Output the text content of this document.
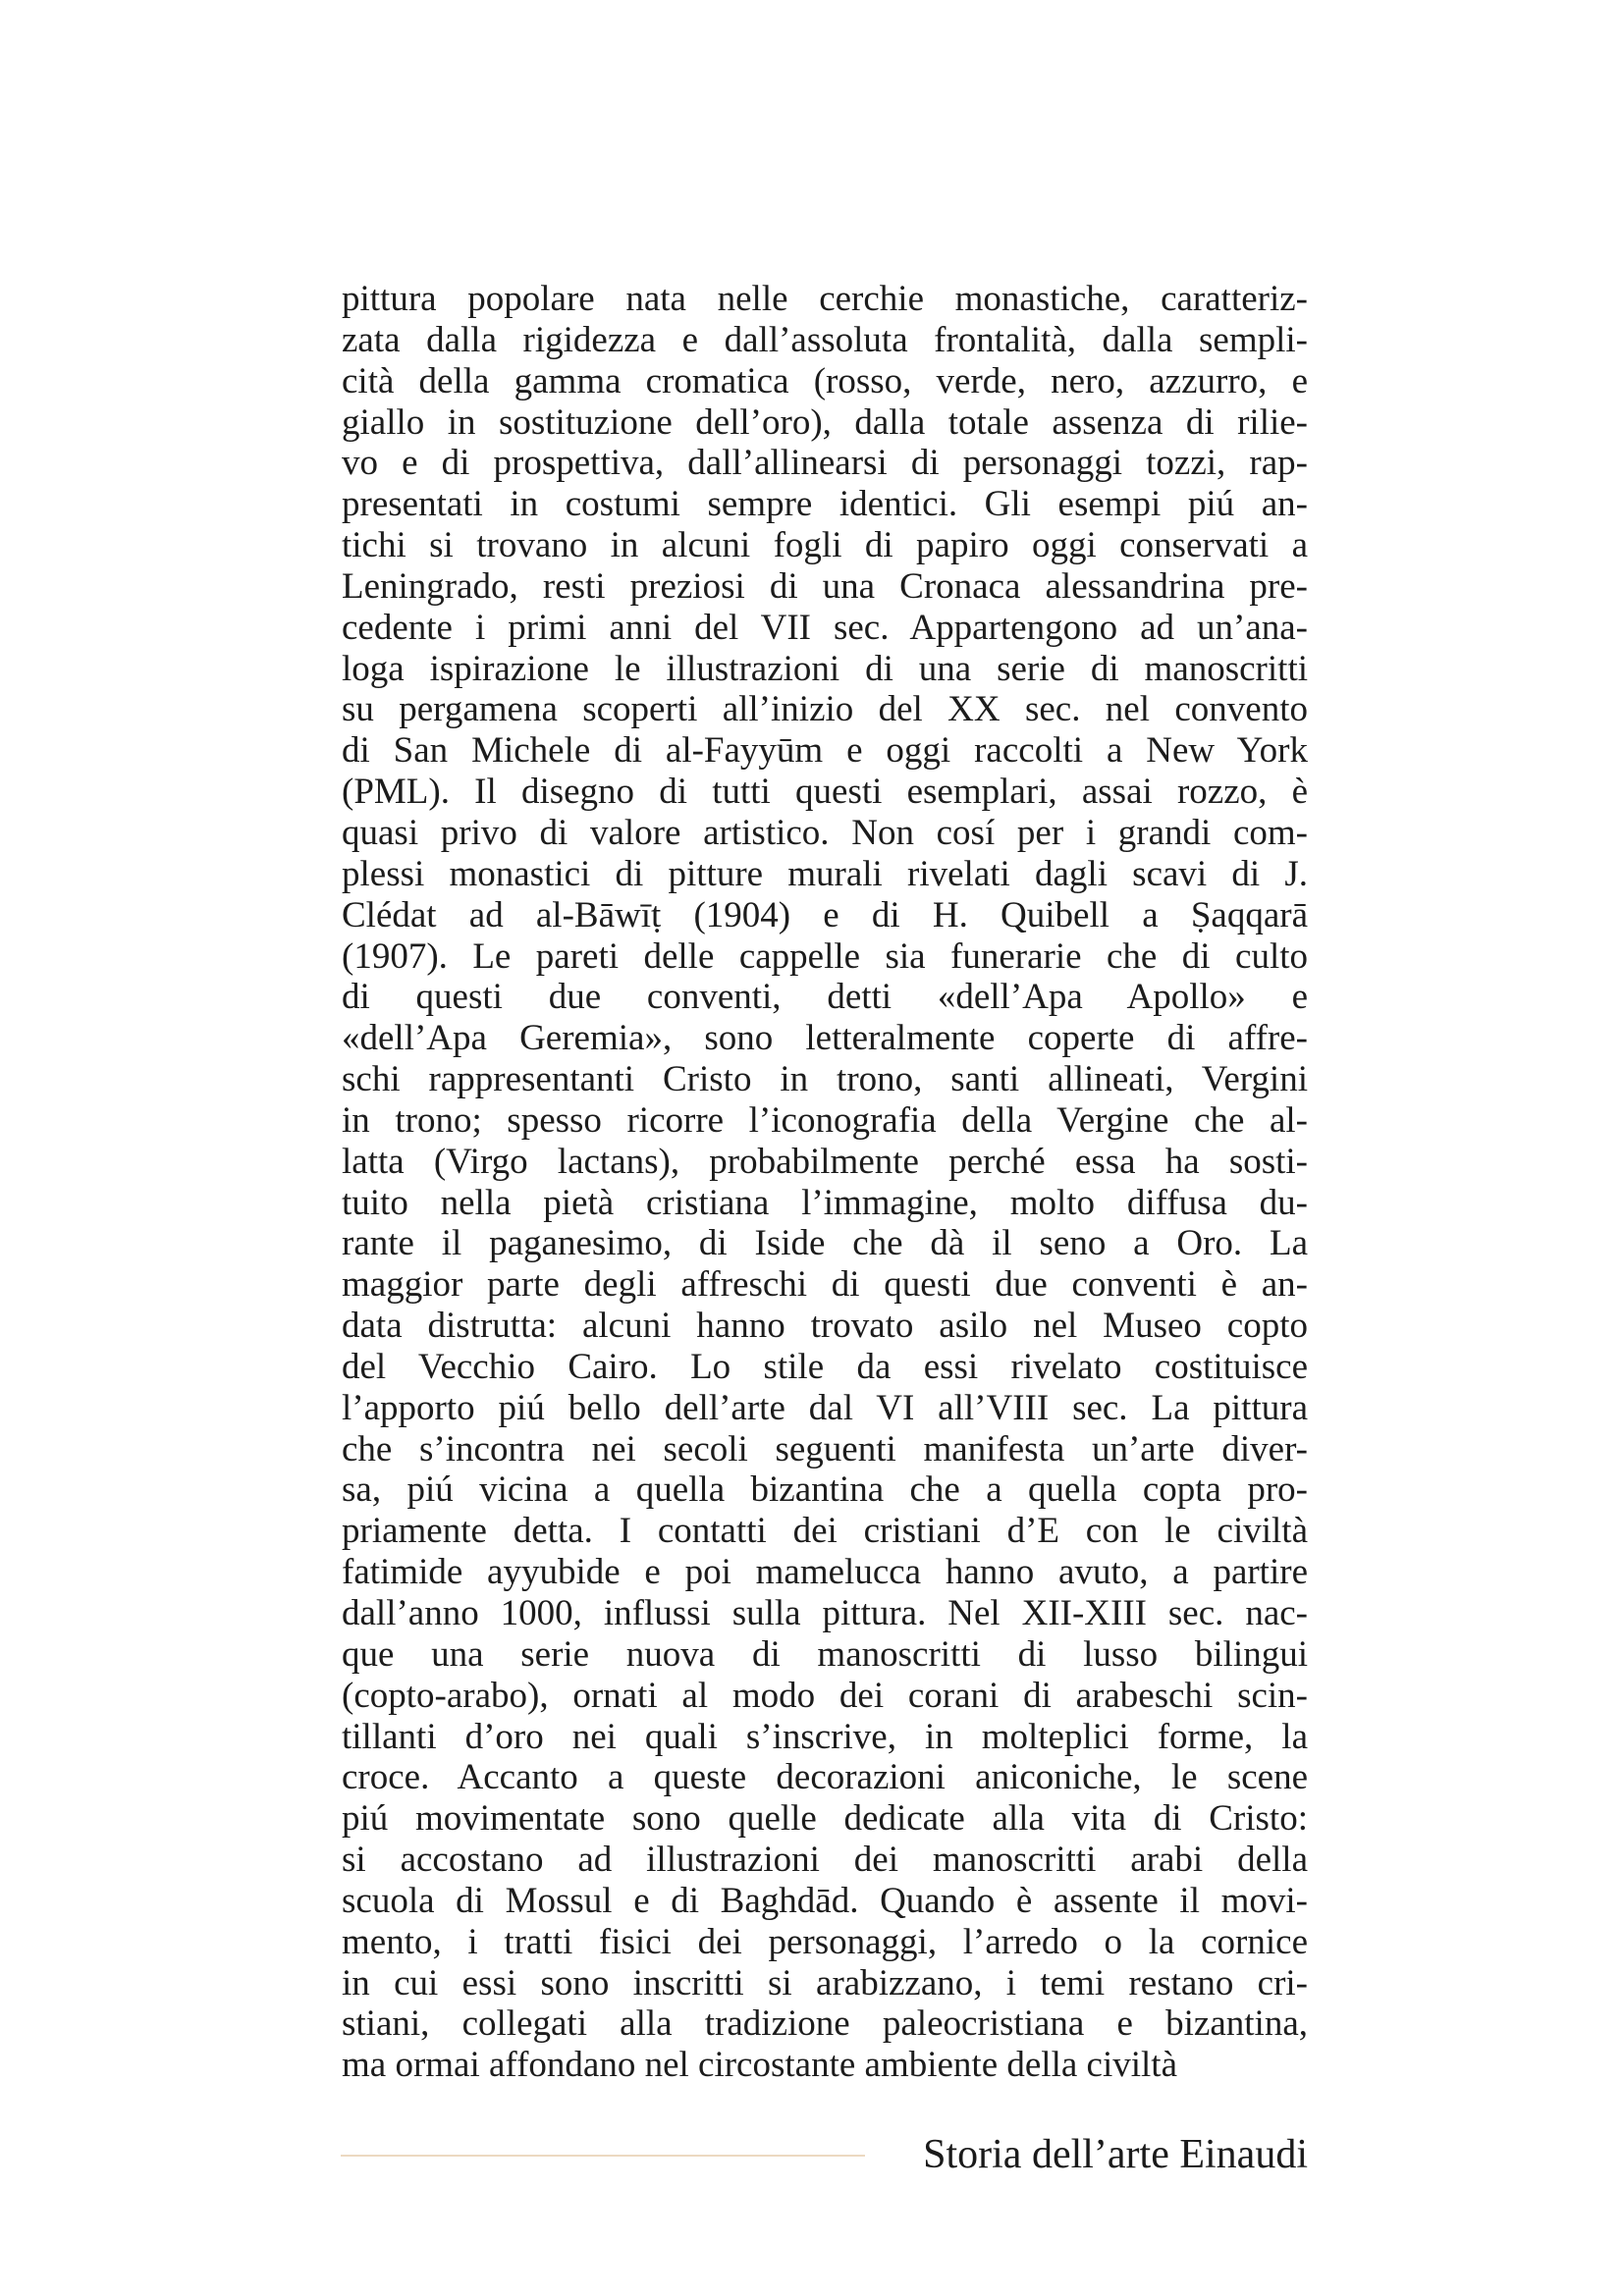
pittura popolare nata nelle cerchie monastiche, caratteriz-
zata dalla rigidezza e dall’assoluta frontalità, dalla sempli-
cità della gamma cromatica (rosso, verde, nero, azzurro, e
giallo in sostituzione dell’oro), dalla totale assenza di rilie-
vo e di prospettiva, dall’allinearsi di personaggi tozzi, rap-
presentati in costumi sempre identici. Gli esempi piú an-
tichi si trovano in alcuni fogli di papiro oggi conservati a
Leningrado, resti preziosi di una Cronaca alessandrina pre-
cedente i primi anni del VII sec. Appartengono ad un’ana-
loga ispirazione le illustrazioni di una serie di manoscritti
su pergamena scoperti all’inizio del XX sec. nel convento
di San Michele di al-Fayyūm e oggi raccolti a New York
(PML). Il disegno di tutti questi esemplari, assai rozzo, è
quasi privo di valore artistico. Non cosí per i grandi com-
plessi monastici di pitture murali rivelati dagli scavi di J.
Clédat ad al-Bāwīṭ (1904) e di H. Quibell a Ṣaqqarā
(1907). Le pareti delle cappelle sia funerarie che di culto
di questi due conventi, detti «dell’Apa Apollo» e
«dell’Apa Geremia», sono letteralmente coperte di affre-
schi rappresentanti Cristo in trono, santi allineati, Vergini
in trono; spesso ricorre l’iconografia della Vergine che al-
latta (Virgo lactans), probabilmente perché essa ha sosti-
tuito nella pietà cristiana l’immagine, molto diffusa du-
rante il paganesimo, di Iside che dà il seno a Oro. La
maggior parte degli affreschi di questi due conventi è an-
data distrutta: alcuni hanno trovato asilo nel Museo copto
del Vecchio Cairo. Lo stile da essi rivelato costituisce
l’apporto piú bello dell’arte dal VI all’VIII sec. La pittura
che s’incontra nei secoli seguenti manifesta un’arte diver-
sa, piú vicina a quella bizantina che a quella copta pro-
priamente detta. I contatti dei cristiani d’E con le civiltà
fatimide ayyubide e poi mamelucca hanno avuto, a partire
dall’anno 1000, influssi sulla pittura. Nel XII-XIII sec. nac-
que una serie nuova di manoscritti di lusso bilingui
(copto-arabo), ornati al modo dei corani di arabeschi scin-
tillanti d’oro nei quali s’inscrive, in molteplici forme, la
croce. Accanto a queste decorazioni aniconiche, le scene
piú movimentate sono quelle dedicate alla vita di Cristo:
si accostano ad illustrazioni dei manoscritti arabi della
scuola di Mossul e di Baghdād. Quando è assente il movi-
mento, i tratti fisici dei personaggi, l’arredo o la cornice
in cui essi sono inscritti si arabizzano, i temi restano cri-
stiani, collegati alla tradizione paleocristiana e bizantina,
ma ormai affondano nel circostante ambiente della civiltà
Storia dell’arte Einaudi
